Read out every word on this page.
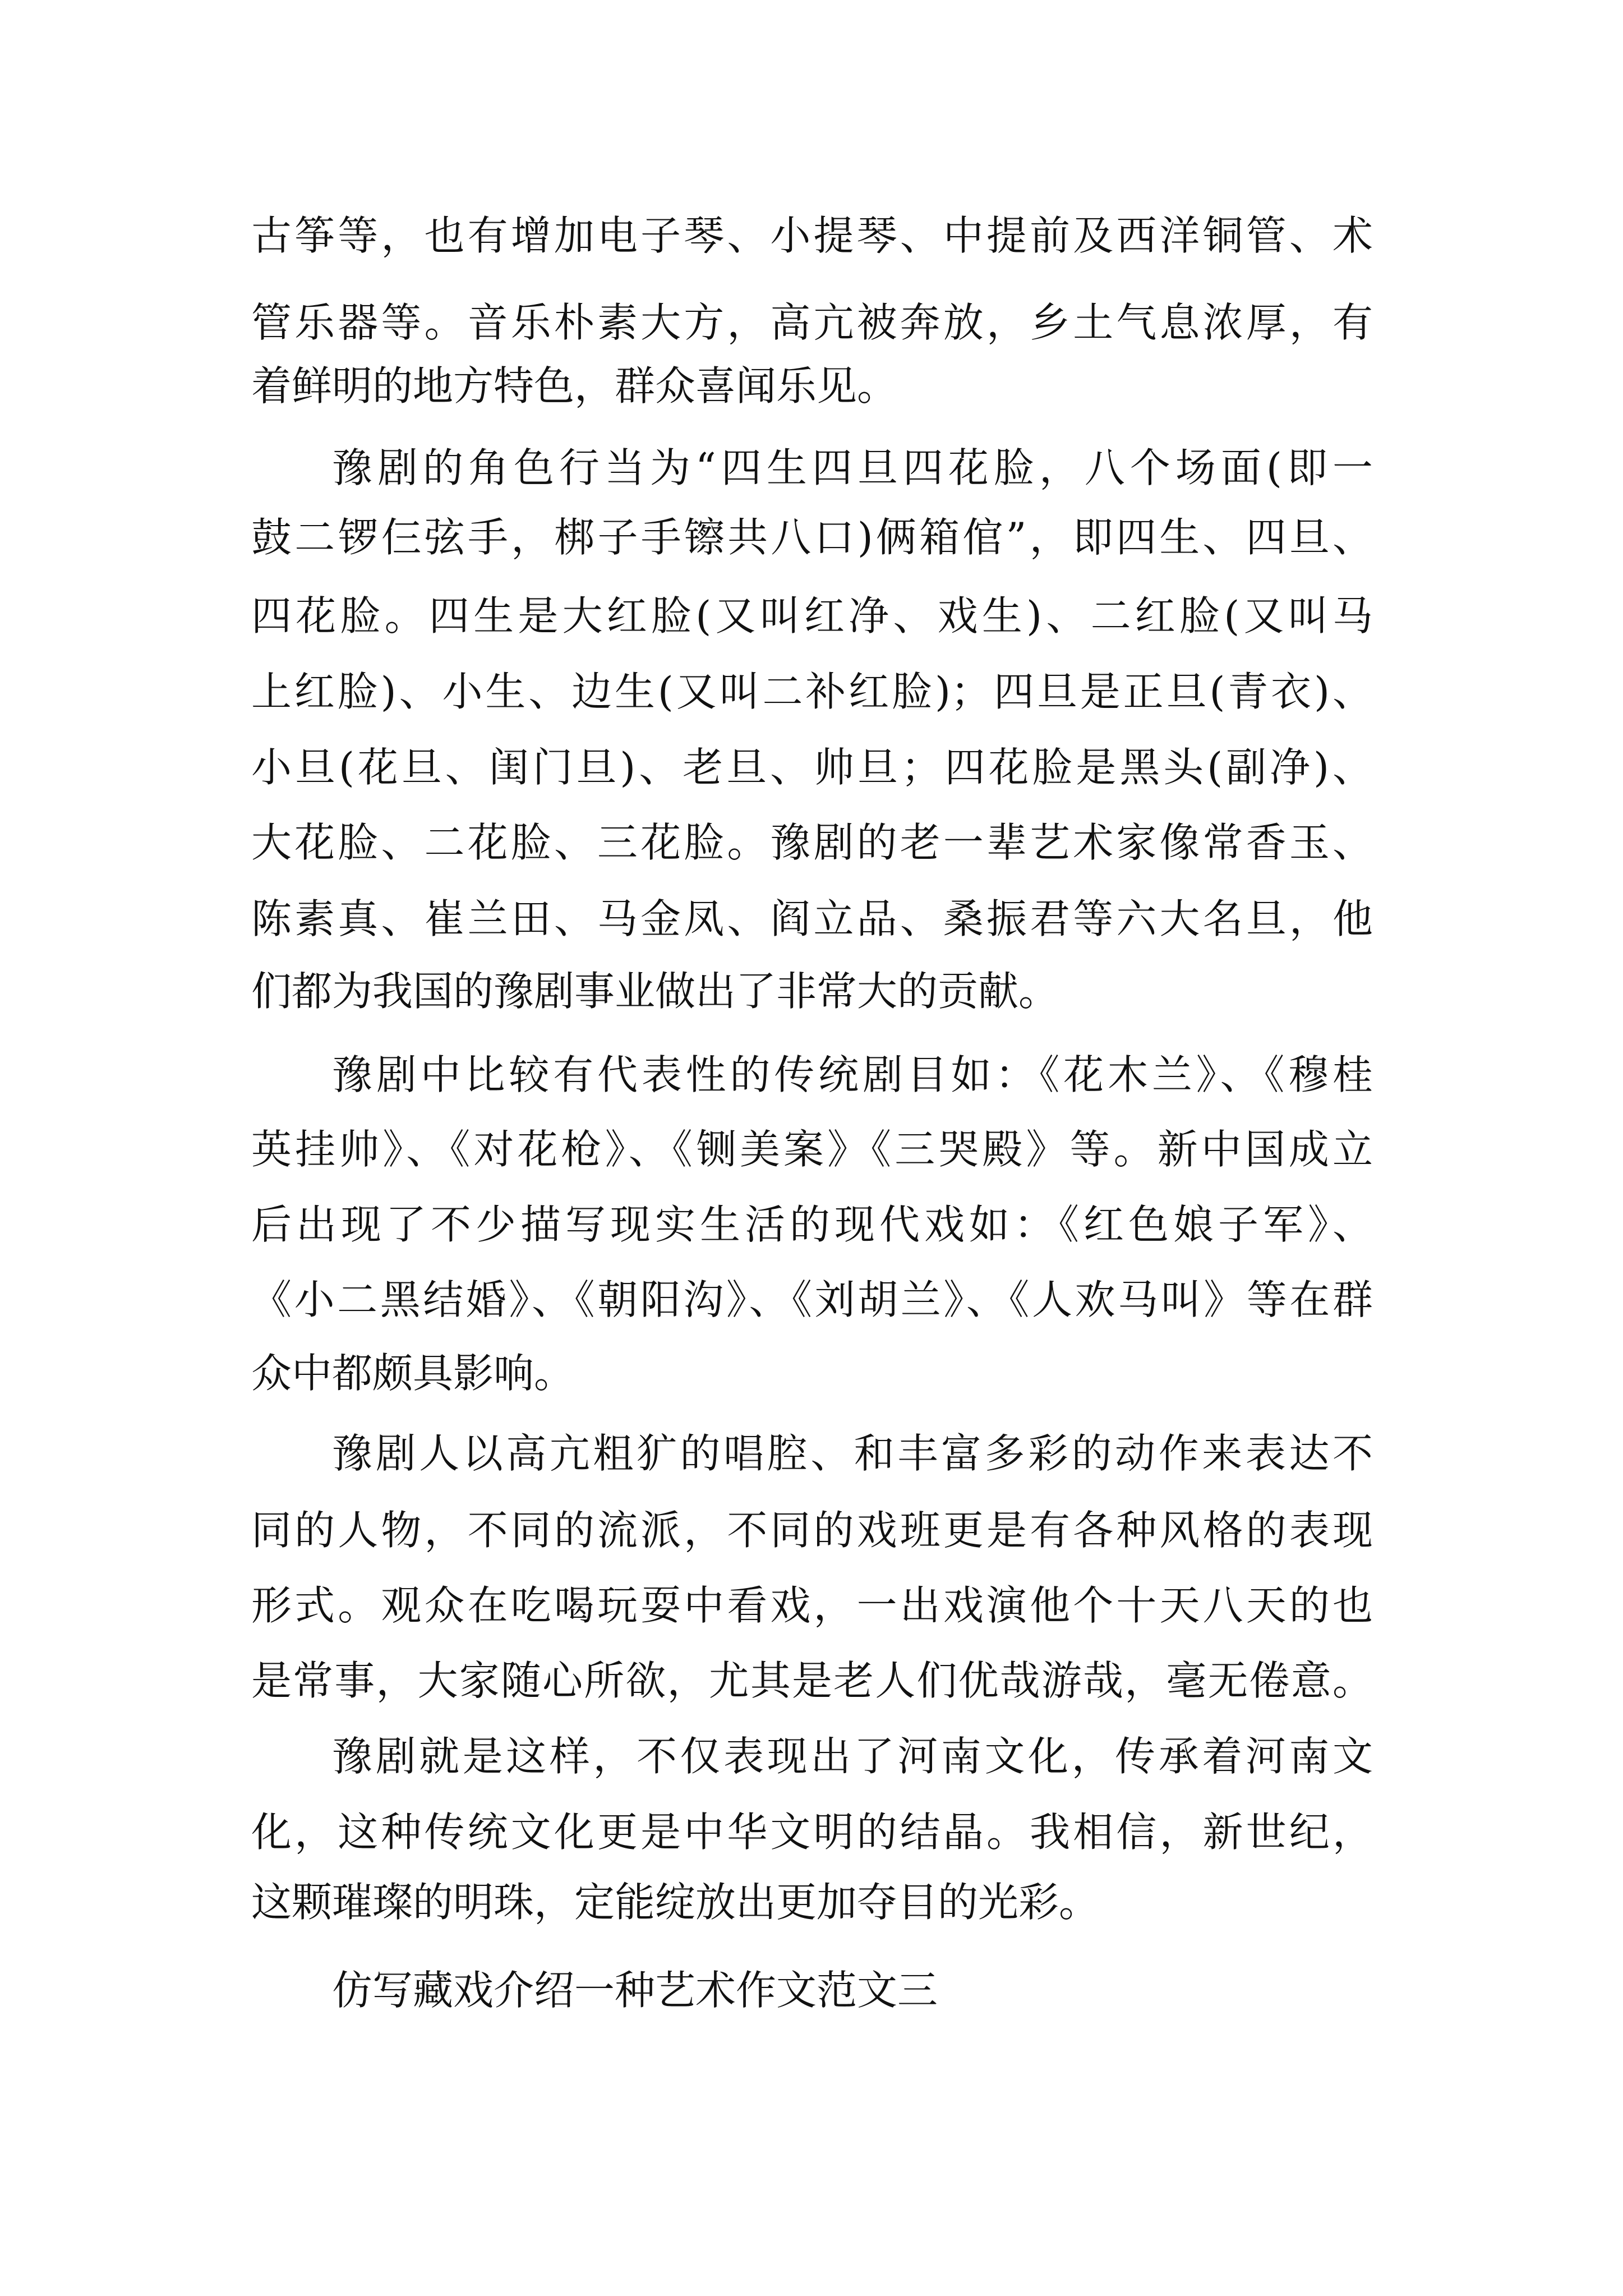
古筝等，也有增加电子琴、小提琴、中提前及西洋铜管、术
管乐器等。音乐朴素大方，高亢被奔放，乡土气息浓厚，有
着鲜明的地方特色，群众喜闻乐见。
豫剧的角色行当为“四生四旦四花脸，八个场面(即一
鼓二锣仨弦手，梆子手镲共八口)俩箱倌”，即四生、四旦、
四花脸。四生是大红脸(又叫红净、戏生)、二红脸(又叫马
上红脸)、小生、边生(又叫二补红脸)；四旦是正旦(青衣)、
小旦(花旦、闺门旦)、老旦、帅旦；四花脸是黑头(副净)、
大花脸、二花脸、三花脸。豫剧的老一辈艺术家像常香玉、
陈素真、崔兰田、马金凤、阎立品、桑振君等六大名旦，他
们都为我国的豫剧事业做出了非常大的贡献。
豫剧中比较有代表性的传统剧目如：《花木兰》、《穆桂
英挂帅》、《对花枪》、《铡美案》《三哭殿》等。新中国成立
后出现了不少描写现实生活的现代戏如：《红色娘子军》、
《小二黑结婚》、《朝阳沟》、《刘胡兰》、《人欢马叫》等在群
众中都颇具影响。
豫剧人以高亢粗犷的唱腔、和丰富多彩的动作来表达不
同的人物，不同的流派，不同的戏班更是有各种风格的表现
形式。观众在吃喝玩耍中看戏，一出戏演他个十天八天的也
是常事，大家随心所欲，尤其是老人们优哉游哉，毫无倦意。
豫剧就是这样，不仅表现出了河南文化，传承着河南文
化，这种传统文化更是中华文明的结晶。我相信，新世纪，
这颗璀璨的明珠，定能绽放出更加夺目的光彩。
仿写藏戏介绍一种艺术作文范文三
